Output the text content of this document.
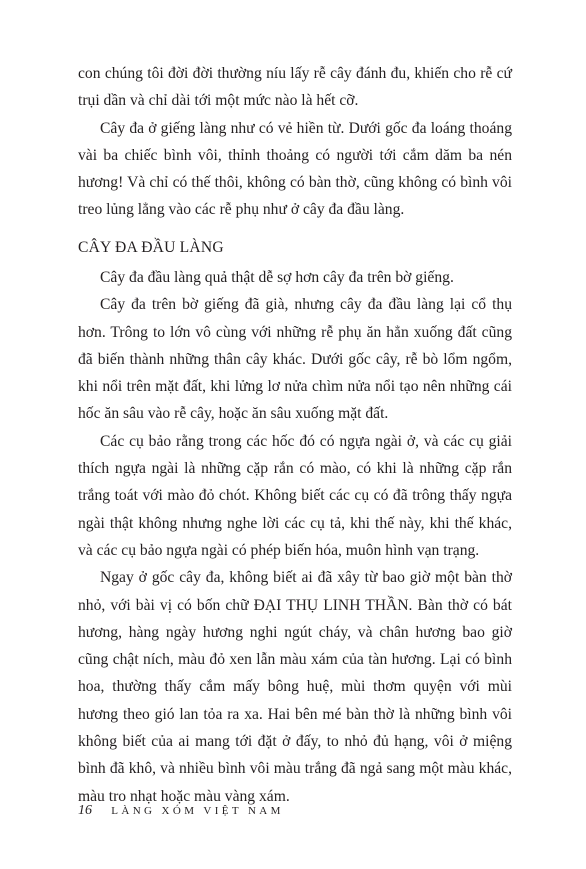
con chúng tôi đời đời thường níu lấy rễ cây đánh đu, khiến cho rễ cứ trụi dần và chỉ dài tới một mức nào là hết cỡ.

Cây đa ở giếng làng như có vẻ hiền từ. Dưới gốc đa loáng thoáng vài ba chiếc bình vôi, thỉnh thoảng có người tới cắm dăm ba nén hương! Và chỉ có thế thôi, không có bàn thờ, cũng không có bình vôi treo lủng lẳng vào các rễ phụ như ở cây đa đầu làng.

CÂY ĐA ĐẦU LÀNG

Cây đa đầu làng quả thật dễ sợ hơn cây đa trên bờ giếng.

Cây đa trên bờ giếng đã già, nhưng cây đa đầu làng lại cổ thụ hơn. Trông to lớn vô cùng với những rễ phụ ăn hẳn xuống đất cũng đã biến thành những thân cây khác. Dưới gốc cây, rễ bò lổm ngổm, khi nổi trên mặt đất, khi lửng lơ nửa chìm nửa nổi tạo nên những cái hốc ăn sâu vào rễ cây, hoặc ăn sâu xuống mặt đất.

Các cụ bảo rằng trong các hốc đó có ngựa ngài ở, và các cụ giải thích ngựa ngài là những cặp rắn có mào, có khi là những cặp rắn trắng toát với mào đỏ chót. Không biết các cụ có đã trông thấy ngựa ngài thật không nhưng nghe lời các cụ tả, khi thế này, khi thế khác, và các cụ bảo ngựa ngài có phép biến hóa, muôn hình vạn trạng.

Ngay ở gốc cây đa, không biết ai đã xây từ bao giờ một bàn thờ nhỏ, với bài vị có bốn chữ ĐẠI THỤ LINH THẦN. Bàn thờ có bát hương, hàng ngày hương nghi ngút cháy, và chân hương bao giờ cũng chật ních, màu đỏ xen lẫn màu xám của tàn hương. Lại có bình hoa, thường thấy cắm mấy bông huệ, mùi thơm quyện với mùi hương theo gió lan tỏa ra xa. Hai bên mé bàn thờ là những bình vôi không biết của ai mang tới đặt ở đấy, to nhỏ đủ hạng, vôi ở miệng bình đã khô, và nhiều bình vôi màu trắng đã ngả sang một màu khác, màu tro nhạt hoặc màu vàng xám.

16 LÀNG XÓM VIỆT NAM
